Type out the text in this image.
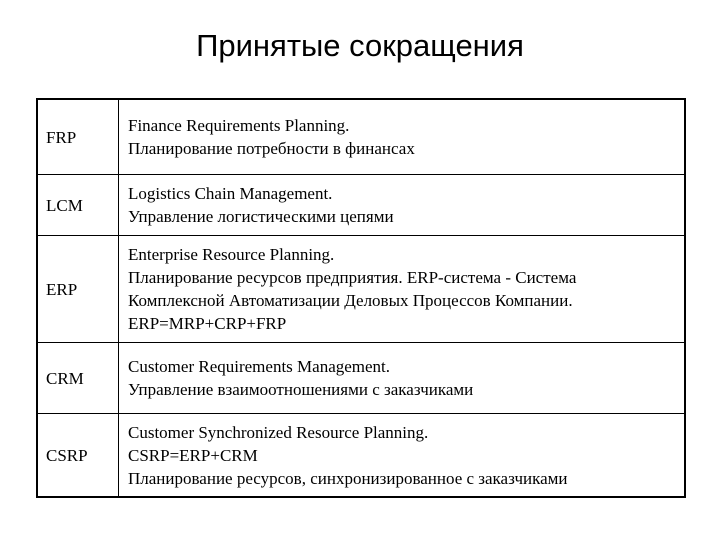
Принятые сокращения
FRP	Finance Requirements Planning.
Планирование потребности в финансах
LCM	Logistics Chain Management.
Управление логистическими цепями
ERP	Enterprise Resource Planning.
Планирование ресурсов предприятия. ERP-система - Система
Комплексной Автоматизации Деловых Процессов Компании.
ERP=MRP+CRP+FRP
CRM	Customer Requirements Management.
Управление взаимоотношениями с заказчиками
CSRP	Customer Synchronized Resource Planning.
CSRP=ERP+CRM
Планирование ресурсов, синхронизированное с заказчиками
